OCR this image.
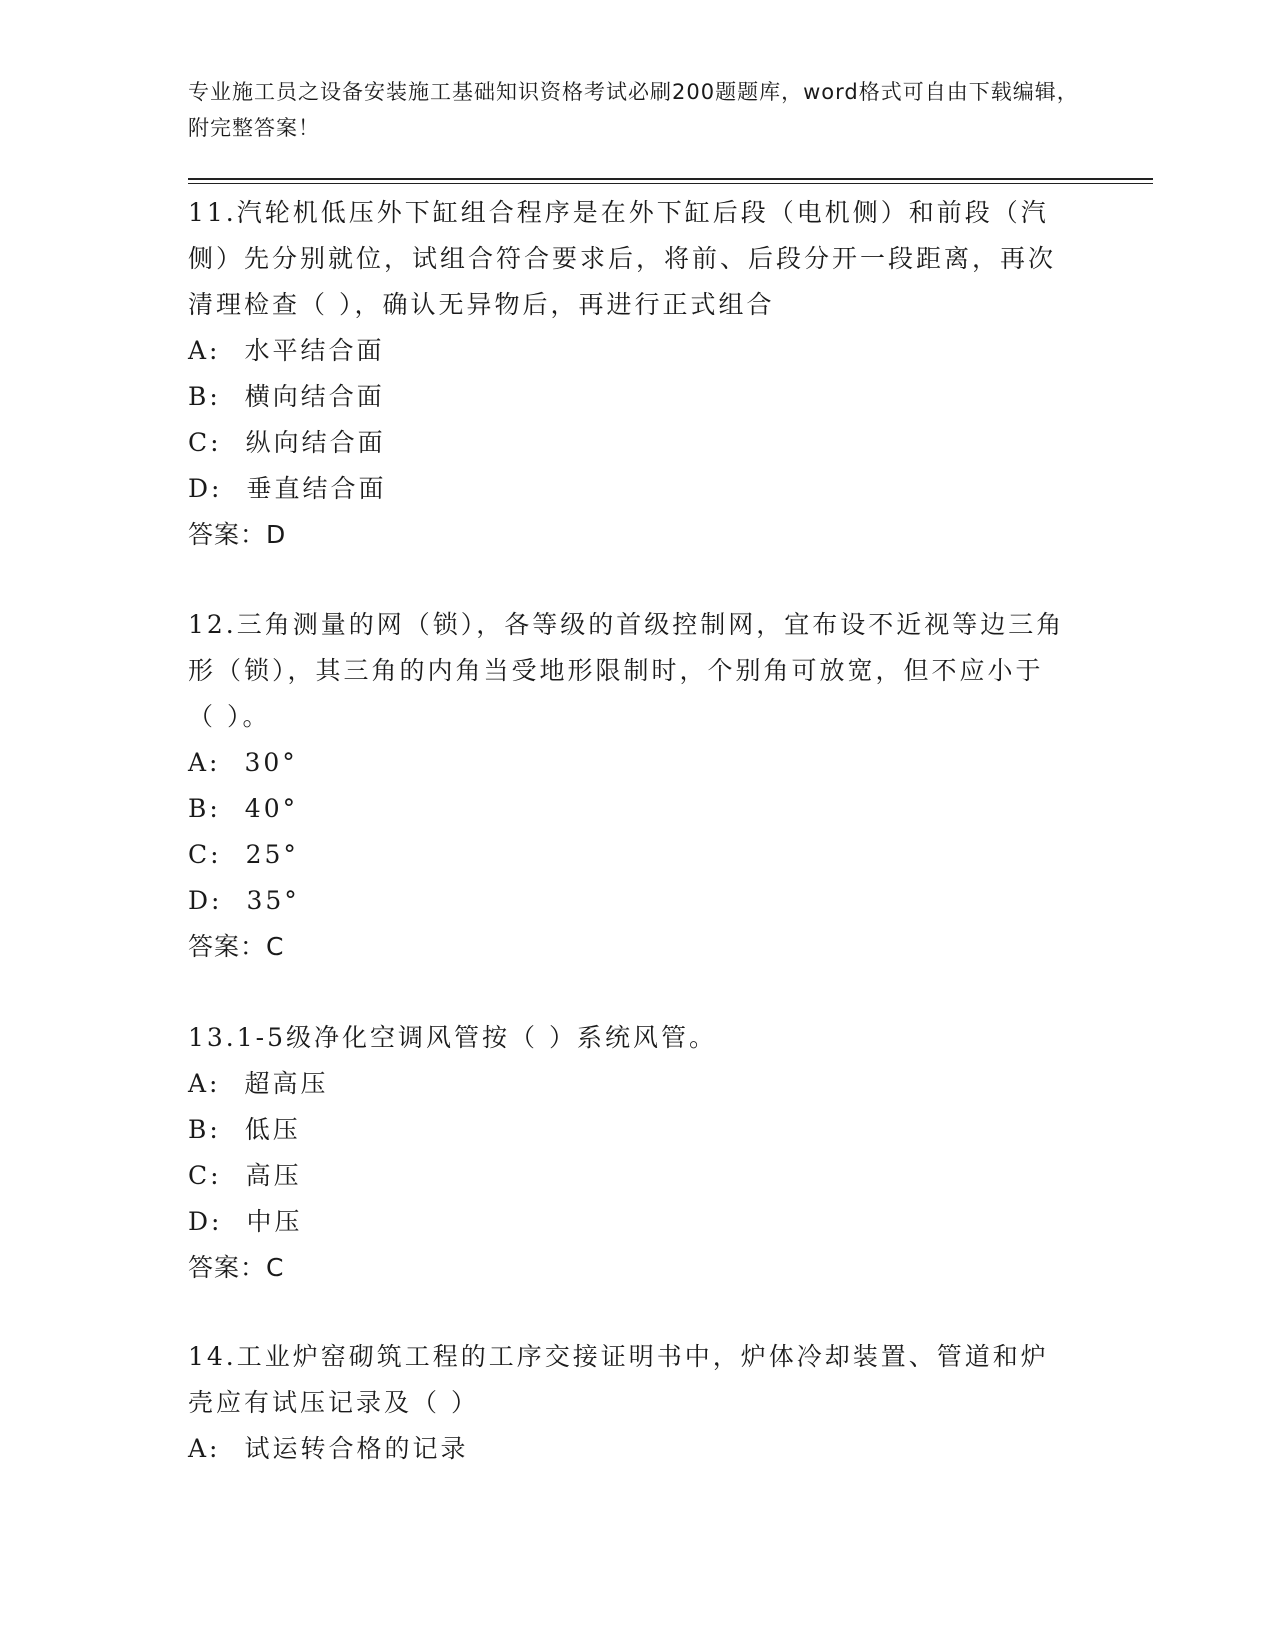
专业施工员之设备安装施工基础知识资格考试必刷200题题库，word格式可自由下载编辑，附完整答案！

11.汽轮机低压外下缸组合程序是在外下缸后段（电机侧）和前段（汽侧）先分别就位，试组合符合要求后，将前、后段分开一段距离，再次清理检查（ ），确认无异物后，再进行正式组合

A: 水平结合面

B: 横向结合面

C: 纵向结合面

D: 垂直结合面

答案：D

12.三角测量的网（锁），各等级的首级控制网，宜布设不近视等边三角形（锁），其三角的内角当受地形限制时，个别角可放宽，但不应小于（ ）。

A: 30°

B: 40°

C: 25°

D: 35°

答案：C

13.1-5级净化空调风管按（ ）系统风管。

A: 超高压

B: 低压

C: 高压

D: 中压

答案：C

14.工业炉窑砌筑工程的工序交接证明书中，炉体冷却装置、管道和炉壳应有试压记录及（ ）

A: 试运转合格的记录
